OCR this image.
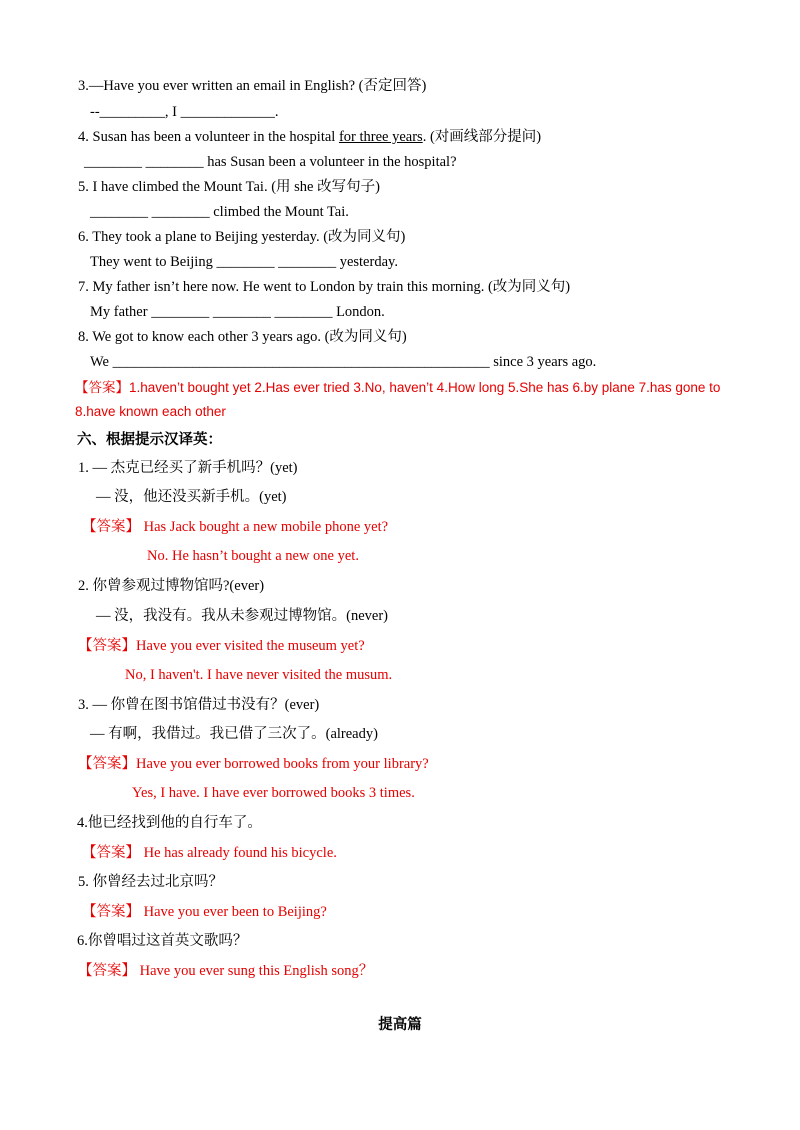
3.—Have you ever written an email in English? (否定回答)
--_________, I _____________.
4. Susan has been a volunteer in the hospital for three years. (对画线部分提问)
________ ________ has Susan been a volunteer in the hospital?
5. I have climbed the Mount Tai. (用 she 改写句子)
________ ________ climbed the Mount Tai.
6. They took a plane to Beijing yesterday. (改为同义句)
They went to Beijing ________ ________ yesterday.
7. My father isn’t here now. He went to London by train this morning. (改为同义句)
My father ________ ________ ________ London.
8. We got to know each other 3 years ago. (改为同义句)
We ____________________________________________________ since 3 years ago.
【答案】1.haven’t bought yet 2.Has ever tried 3.No, haven’t 4.How long 5.She has 6.by plane 7.has gone to
8.have known each other
六、根据提示汉译英：
1. — 杰克已经买了新手机吗？(yet)
— 没，他还没买新手机。(yet)
【答案】 Has Jack bought a new mobile phone yet?
No. He hasn’t bought a new one yet.
2. 你曾参观过博物馆吗?(ever)
— 没，我没有。我从未参观过博物馆。(never)
【答案】Have you ever visited the museum yet?
No, I haven't. I have never visited the musum.
3. — 你曾在图书馆借过书没有？(ever)
— 有啊，我借过。我已借了三次了。(already)
【答案】Have you ever borrowed books from your library?
Yes, I have. I have ever borrowed books 3 times.
4.他已经找到他的自行车了。
【答案】 He has already found his bicycle.
5. 你曾经去过北京吗？
【答案】 Have you ever been to Beijing?
6.你曾唱过这首英文歌吗？
【答案】 Have you ever sung this English song？
提高篇
